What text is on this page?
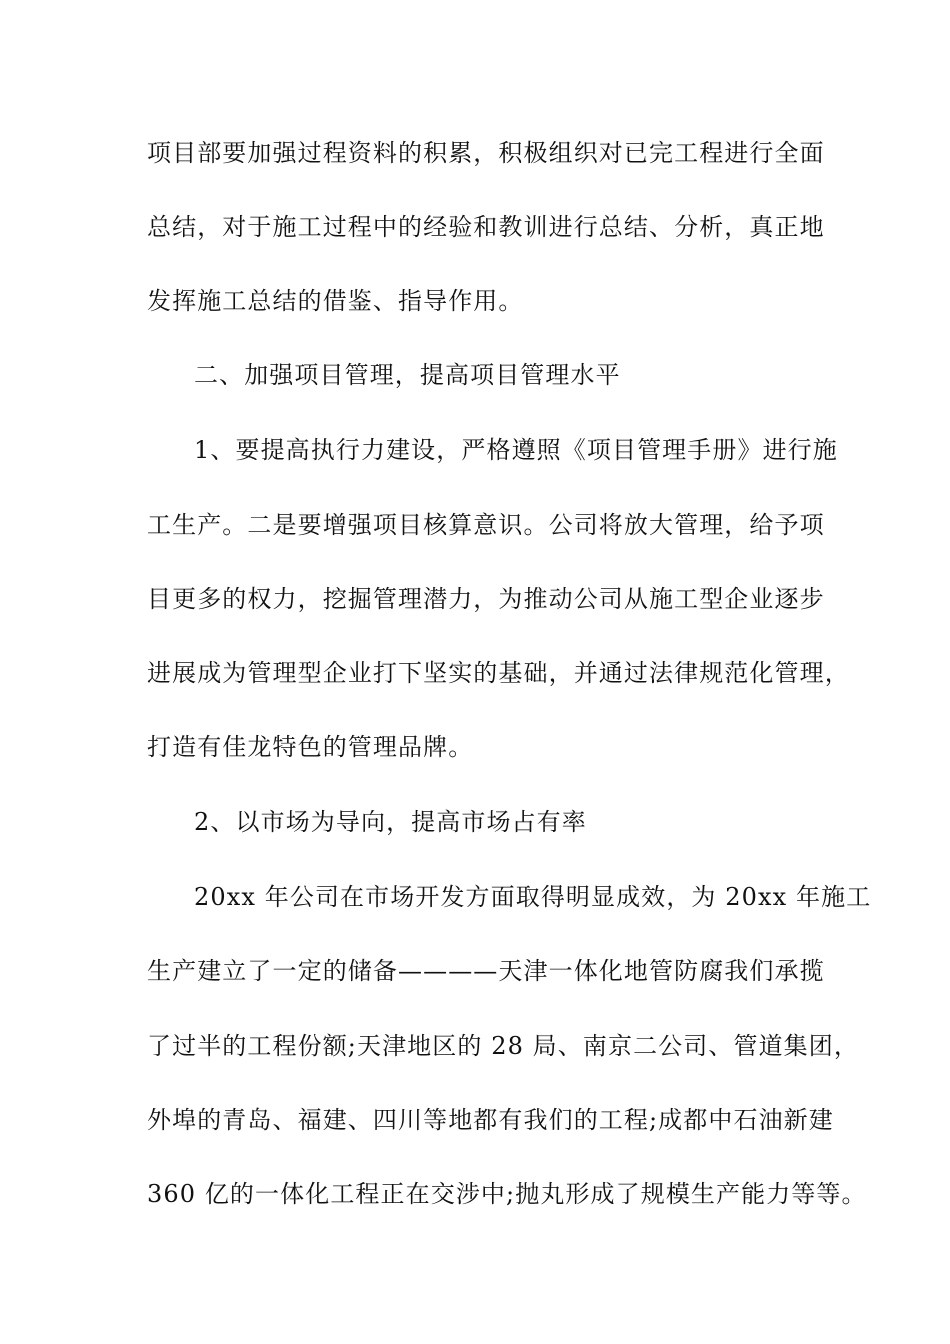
项目部要加强过程资料的积累，积极组织对已完工程进行全面
总结，对于施工过程中的经验和教训进行总结、分析，真正地
发挥施工总结的借鉴、指导作用。
二、加强项目管理，提高项目管理水平
1、要提高执行力建设，严格遵照《项目管理手册》进行施
工生产。二是要增强项目核算意识。公司将放大管理，给予项
目更多的权力，挖掘管理潜力，为推动公司从施工型企业逐步
进展成为管理型企业打下坚实的基础，并通过法律规范化管理，
打造有佳龙特色的管理品牌。
2、以市场为导向，提高市场占有率
20xx 年公司在市场开发方面取得明显成效，为 20xx 年施工
生产建立了一定的储备————天津一体化地管防腐我们承揽
了过半的工程份额;天津地区的 28 局、南京二公司、管道集团，
外埠的青岛、福建、四川等地都有我们的工程;成都中石油新建
360 亿的一体化工程正在交涉中;抛丸形成了规模生产能力等等。
